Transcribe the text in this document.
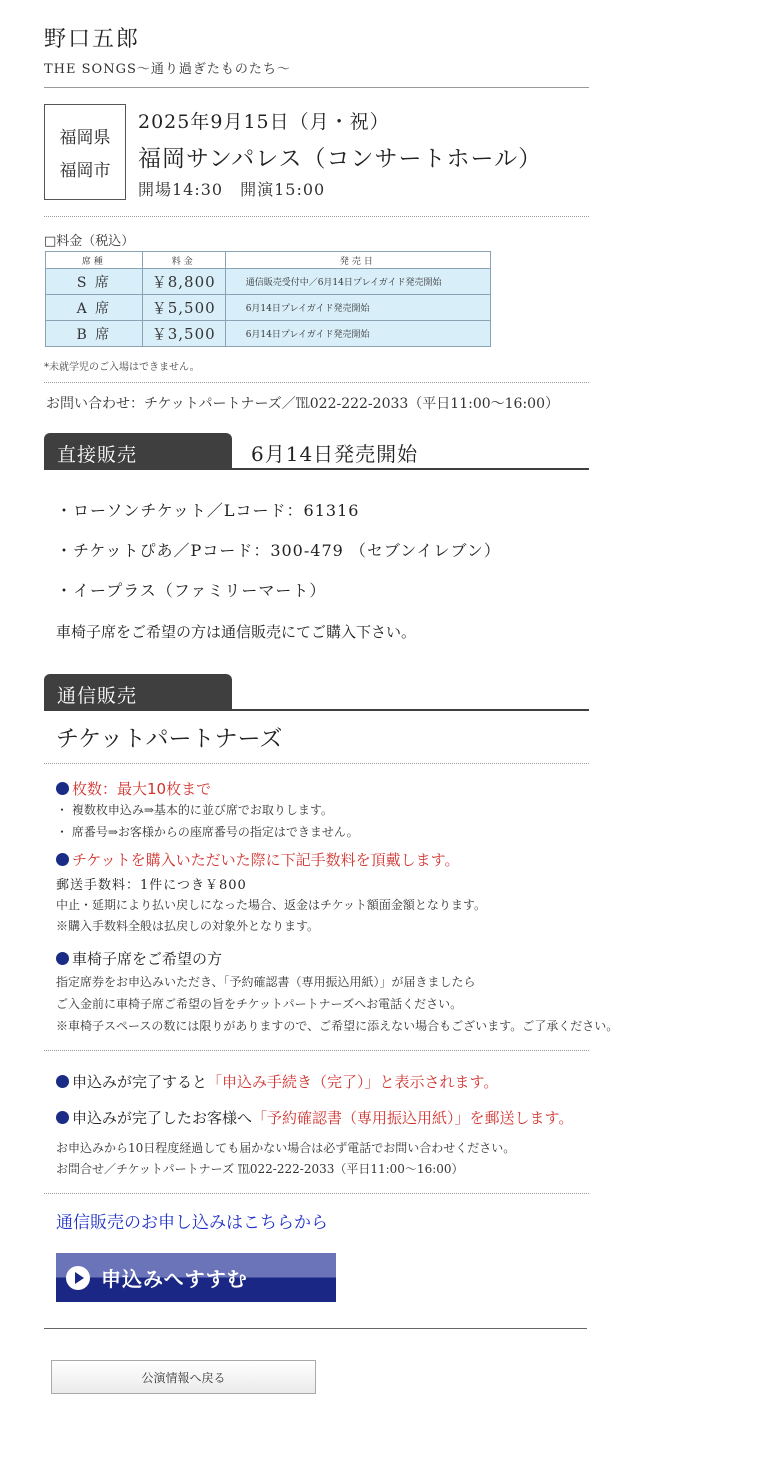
野口五郎
THE SONGS～通り過ぎたものたち～
福岡県
福岡市
2025年9月15日（月・祝）
福岡サンパレス（コンサートホール）
開場14:30　開演15:00
□料金（税込）
席種	料金	発売日
S 席	￥8,800	通信販売受付中／6月14日プレイガイド発売開始
A 席	￥5,500	6月14日プレイガイド発売開始
B 席	￥3,500	6月14日プレイガイド発売開始
*未就学児のご入場はできません。
お問い合わせ：チケットパートナーズ／℡022-222-2033（平日11:00～16:00）
直接販売	6月14日発売開始
・ローソンチケット／Lコード：61316
・チケットぴあ／Pコード：300-479 （セブンイレブン）
・イープラス（ファミリーマート）
車椅子席をご希望の方は通信販売にてご購入下さい。
通信販売
チケットパートナーズ
枚数：最大10枚まで
・ 複数枚申込み⇒基本的に並び席でお取りします。
・ 席番号⇒お客様からの座席番号の指定はできません。
チケットを購入いただいた際に下記手数料を頂戴します。
郵送手数料：1件につき￥800
中止・延期により払い戻しになった場合、返金はチケット額面金額となります。
※購入手数料全般は払戻しの対象外となります。
車椅子席をご希望の方
指定席券をお申込みいただき、「予約確認書（専用振込用紙）」が届きましたら
ご入金前に車椅子席ご希望の旨をチケットパートナーズへお電話ください。
※車椅子スペースの数には限りがありますので、ご希望に添えない場合もございます。ご了承ください。
申込みが完了すると 「申込み手続き（完了）」と表示されます。
申込みが完了したお客様へ 「予約確認書（専用振込用紙）」を郵送します。
お申込みから10日程度経過しても届かない場合は必ず電話でお問い合わせください。
お問合せ／チケットパートナーズ ℡022-222-2033（平日11:00～16:00）
通信販売のお申し込みはこちらから
申込みへすすむ
公演情報へ戻る
